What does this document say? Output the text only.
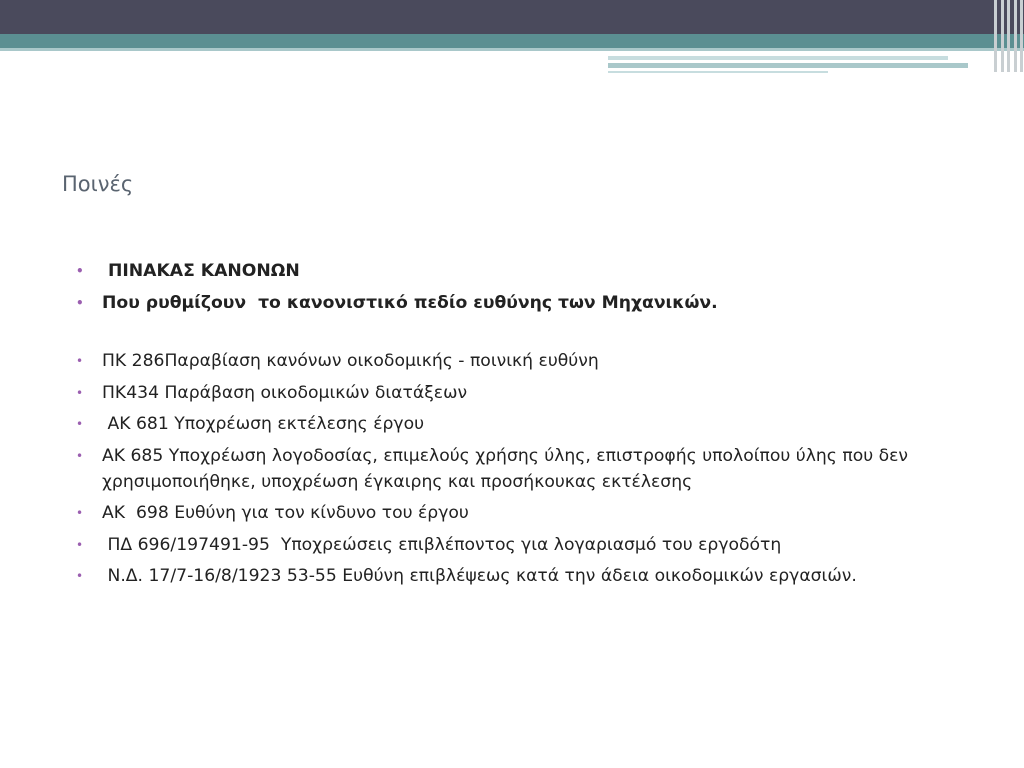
Ποινές
•	ΠΙΝΑΚΑΣ ΚΑΝΟΝΩΝ
•	Που ρυθμίζουν  το κανονιστικό πεδίο ευθύνης των Μηχανικών.
•	ΠΚ 286Παραβίαση κανόνων οικοδομικής - ποινική ευθύνη
•	ΠΚ434 Παράβαση οικοδομικών διατάξεων
•	ΑΚ 681 Υποχρέωση εκτέλεσης έργου
•	ΑΚ 685 Υποχρέωση λογοδοσίας, επιμελούς χρήσης ύλης, επιστροφής υπολοίπου ύλης που δεν χρησιμοποιήθηκε, υποχρέωση έγκαιρης και προσήκουκας εκτέλεσης
•	ΑΚ  698 Ευθύνη για τον κίνδυνο του έργου
•	ΠΔ 696/197491-95  Υποχρεώσεις επιβλέποντος για λογαριασμό του εργοδότη
•	Ν.Δ. 17/7-16/8/1923 53-55 Ευθύνη επιβλέψεως κατά την άδεια οικοδομικών εργασιών.
